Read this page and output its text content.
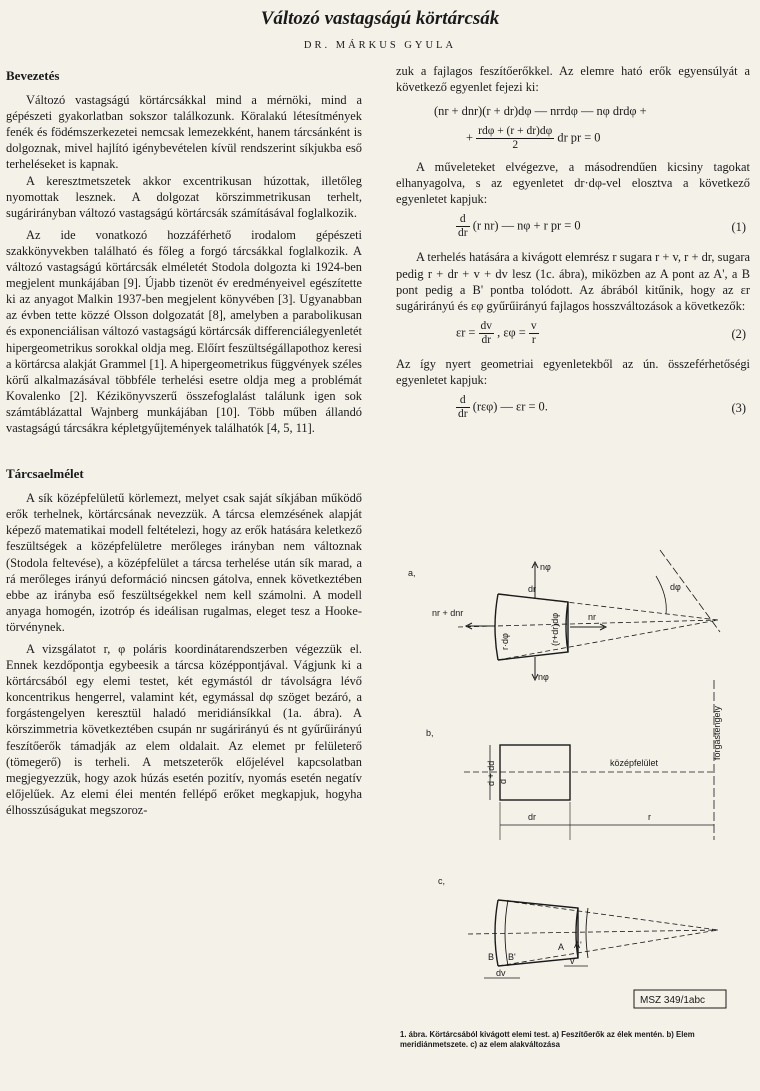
Változó vastagságú körtárcsák
DR. MÁRKUS GYULA
Bevezetés

Változó vastagságú körtárcsákkal mind a mérnöki, mind a gépészeti gyakorlatban sokszor találkozunk. Köralakú létesítmények fenék és födémszerkezetei nemcsak lemezekként, hanem tárcsánként is dolgoznak, mivel hajlító igénybevételen kívül rendszerint síkjukba eső terheléseket is kapnak.

A keresztmetszetek akkor excentrikusan húzottak, illetőleg nyomottak lesznek. A dolgozat körszimmetrikusan terhelt, sugárirányban változó vastagságú körtárcsák számításával foglalkozik.

Az ide vonatkozó hozzáférhető irodalom gépészeti szakkönyvekben található és főleg a forgó tárcsákkal foglalkozik. A változó vastagságú körtárcsák elméletét Stodola dolgozta ki 1924-ben megjelent munkájában [9]. Újabb tizenöt év eredményeivel egészítette ki az anyagot Malkin 1937-ben megjelent könyvében [3]. Ugyanabban az évben tette közzé Olsson dolgozatát [8], amelyben a parabolikusan és exponenciálisan változó vastagságú körtárcsák differenciálegyenletét hipergeometrikus sorokkal oldja meg. Előírt feszültségállapothoz keresi a körtárcsa alakját Grammel [1]. A hipergeometrikus függvények széles körű alkalmazásával többféle terhelési esetre oldja meg a problémát Kovalenko [2]. Kézikönyvszerű összefoglalást találunk igen sok számtáblázattal Wajnberg munkájában [10]. Több műben állandó vastagságú tárcsákra képletgyűjtemények találhatók [4, 5, 11].

Tárcsaelmélet

A sík középfelületű körlemezt, melyet csak saját síkjában működő erők terhelnek, körtárcsának nevezzük. A tárcsa elemzésének alapját képező matematikai modell feltételezi, hogy az erők hatására keletkező feszültségek a középfelületre merőleges irányban nem változnak (Stodola feltevése), a középfelület a tárcsa terhelése után sík marad, a rá merőleges irányú deformáció nincsen gátolva, ennek következtében ebbe az irányba eső feszültségekkel nem kell számolni. A modell anyaga homogén, izotróp és ideálisan rugalmas, eleget tesz a Hooke-törvénynek.

A vizsgálatot r, φ poláris koordinátarendszerben végezzük el. Ennek kezdőpontja egybeesik a tárcsa középpontjával. Vágjunk ki a körtárcsából egy elemi testet, két egymástól dr távolságra lévő koncentrikus hengerrel, valamint két, egymással dφ szöget bezáró, a forgástengelyen keresztül haladó meridiánsíkkal (1a. ábra). A körszimmetria következtében csupán nr sugárirányú és nt gyűrűirányú feszítőerők támadják az elem oldalait. Az elemet pr felületerő (tömegerő) is terheli. A metszeterők előjelével kapcsolatban megjegyezzük, hogy azok húzás esetén pozitív, nyomás esetén negatív előjelűek. Az elemi élei mentén fellépő erőket megkapjuk, hogyha élhosszúságukat megszoroz-

zuk a fajlagos feszítőerőkkel. Az elemre ható erők egyensúlyát a következő egyenlet fejezi ki:

(nr + dnr)(r + dr)dφ — nrrdφ — nφ drdφ +
+ $\frac{\text{rdφ + (r + dr)dφ}}{2}$ dr pr = 0

A műveleteket elvégezve, a másodrendűen kicsiny tagokat elhanyagolva, s az egyenletet dr·dφ-vel elosztva a következő egyenletet kapjuk:

$\frac{d}{dr} (r$ nr) — nφ + r pr = 0	(1)

A terhelés hatására a kivágott elemrész r sugara r + v, r + dr, sugara pedig r + dr + v + dv lesz (1c. ábra), miközben az A pont az A', a B pont pedig a B' pontba tolódott. Az ábrából kitűnik, hogy az εr sugárirányú és εφ gyűrűirányú fajlagos hosszváltozások a következők:

$\varepsilon r = \frac{dv}{dr}$ , $\varepsilon\varphi = \frac{v}{r}$	(2)

Az így nyert geometriai egyenletekből az ún. összeférhetőségi egyenletet kapjuk:

$\frac{d}{dr} (r\varepsilon\varphi)$ — εr = 0.	(3)
a,
nφ
nφ
nr + dnr	nr
dr
r·dφ	(r+dr)dφ
dφ
forgástengely
b,
középfelület
d + dd d
dr	r
c,
B B'
A A'
dv
v
MSZ 349/1abc
1. ábra. Körtárcsából kivágott elemi test. a) Feszítőerők az élek mentén. b) Elem meridiánmetszete. c) az elem alakváltozása
